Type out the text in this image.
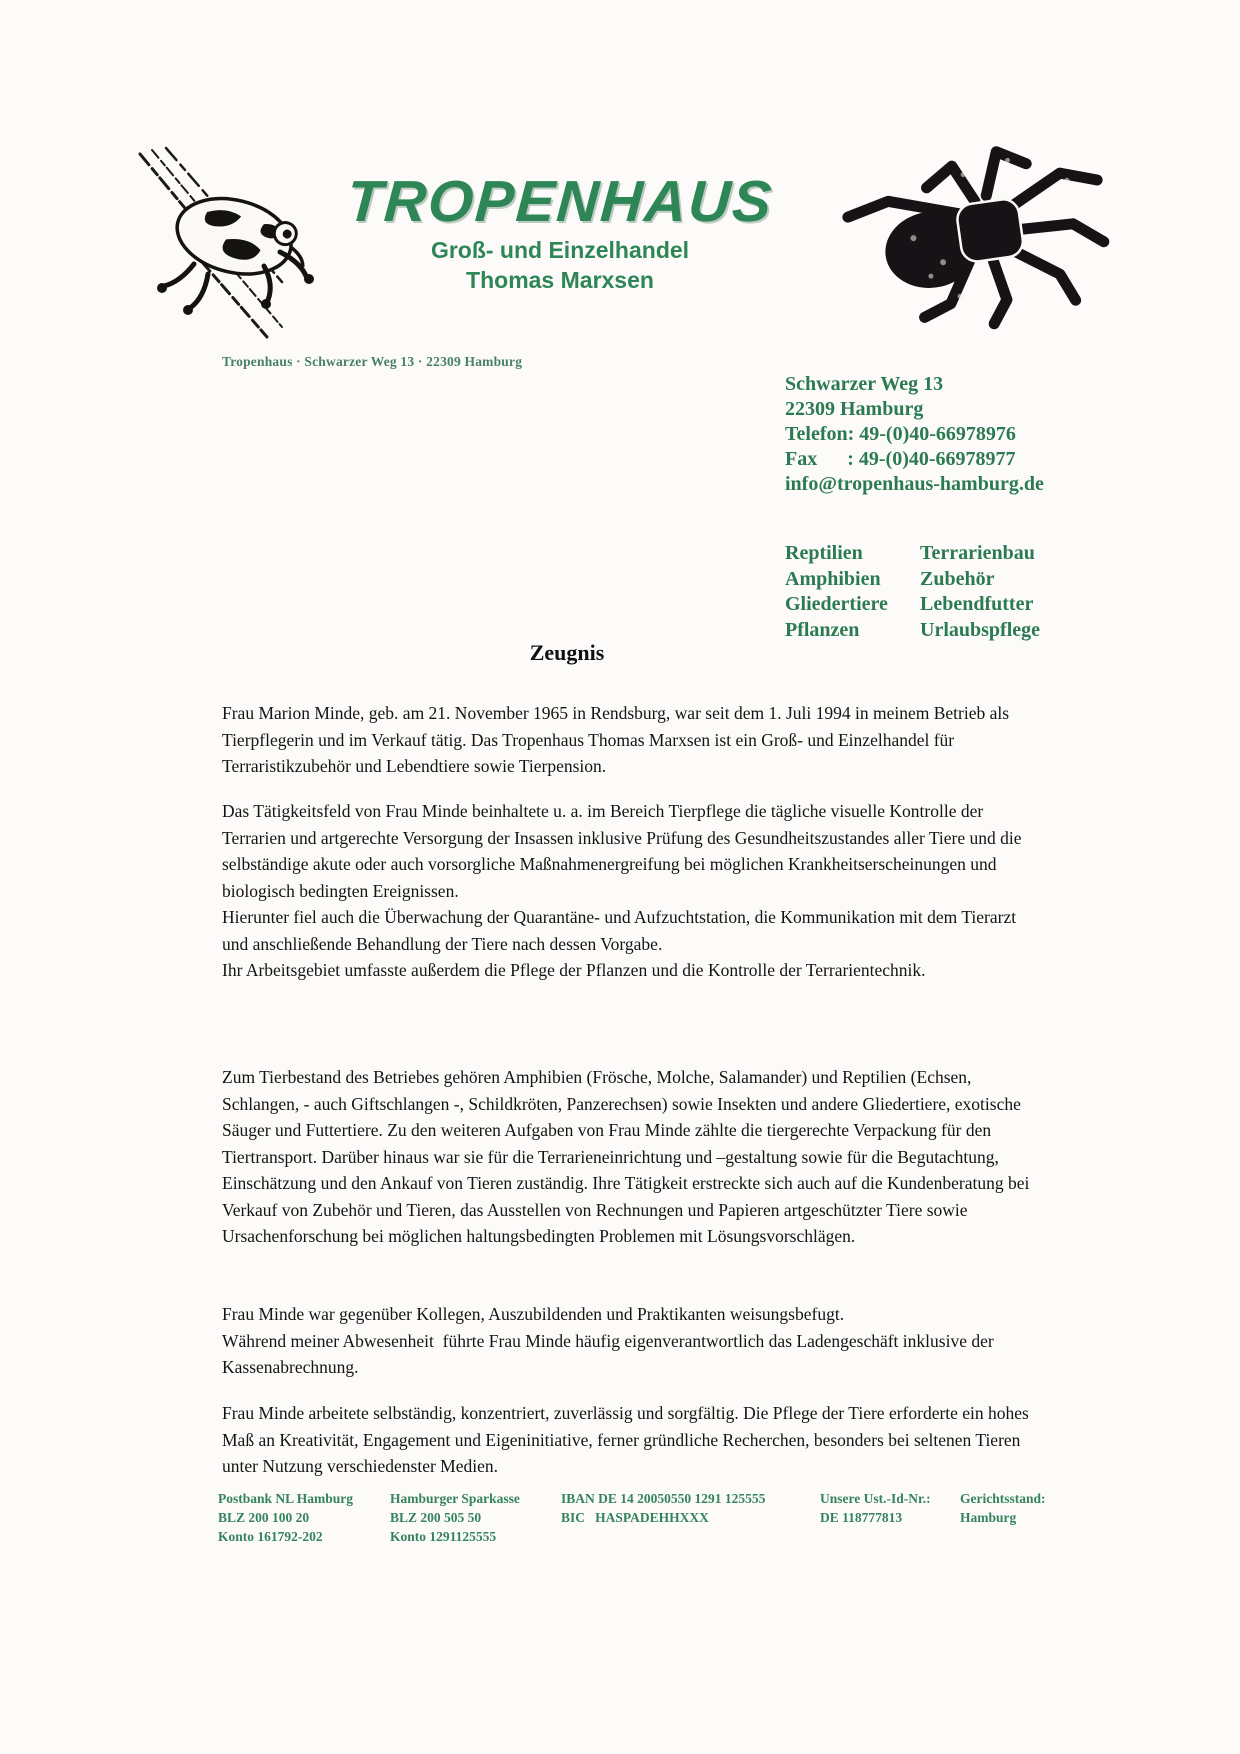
TROPENHAUS
Groß- und Einzelhandel
Thomas Marxsen
Tropenhaus · Schwarzer Weg 13 · 22309 Hamburg
Schwarzer Weg 13
22309 Hamburg
Telefon: 49-(0)40-66978976
Fax      : 49-(0)40-66978977
info@tropenhaus-hamburg.de
Reptilien	Terrarienbau
Amphibien	Zubehör
Gliedertiere	Lebendfutter
Pflanzen	Urlaubspflege
Zeugnis

Frau Marion Minde, geb. am 21. November 1965 in Rendsburg, war seit dem 1. Juli 1994 in meinem Betrieb als Tierpflegerin und im Verkauf tätig. Das Tropenhaus Thomas Marxsen ist ein Groß- und Einzelhandel für Terraristikzubehör und Lebendtiere sowie Tierpension.

Das Tätigkeitsfeld von Frau Minde beinhaltete u. a. im Bereich Tierpflege die tägliche visuelle Kontrolle der Terrarien und artgerechte Versorgung der Insassen inklusive Prüfung des Gesundheitszustandes aller Tiere und die selbständige akute oder auch vorsorgliche Maßnahmenergreifung bei möglichen Krankheitserscheinungen und biologisch bedingten Ereignissen.

Hierunter fiel auch die Überwachung der Quarantäne- und Aufzuchtstation, die Kommunikation mit dem Tierarzt und anschließende Behandlung der Tiere nach dessen Vorgabe.

Ihr Arbeitsgebiet umfasste außerdem die Pflege der Pflanzen und die Kontrolle der Terrarientechnik.

Zum Tierbestand des Betriebes gehören Amphibien (Frösche, Molche, Salamander) und Reptilien (Echsen, Schlangen, - auch Giftschlangen -, Schildkröten, Panzerechsen) sowie Insekten und andere Gliedertiere, exotische Säuger und Futtertiere. Zu den weiteren Aufgaben von Frau Minde zählte die tiergerechte Verpackung für den Tiertransport. Darüber hinaus war sie für die Terrarieneinrichtung und –gestaltung sowie für die Begutachtung, Einschätzung und den Ankauf von Tieren zuständig. Ihre Tätigkeit erstreckte sich auch auf die Kundenberatung bei Verkauf von Zubehör und Tieren, das Ausstellen von Rechnungen und Papieren artgeschützter Tiere sowie Ursachenforschung bei möglichen haltungsbedingten Problemen mit Lösungsvorschlägen.

Frau Minde war gegenüber Kollegen, Auszubildenden und Praktikanten weisungsbefugt.

Während meiner Abwesenheit  führte Frau Minde häufig eigenverantwortlich das Ladengeschäft inklusive der Kassenabrechnung.

Frau Minde arbeitete selbständig, konzentriert, zuverlässig und sorgfältig. Die Pflege der Tiere erforderte ein hohes Maß an Kreativität, Engagement und Eigeninitiative, ferner gründliche Recherchen, besonders bei seltenen Tieren unter Nutzung verschiedenster Medien.

Postbank NL Hamburg
BLZ 200 100 20
Konto 161792-202
Hamburger Sparkasse
BLZ 200 505 50
Konto 1291125555
IBAN DE 14 20050550 1291 125555
BIC   HASPADEHHXXX
Unsere Ust.-Id-Nr.:
DE 118777813
Gerichtsstand:
Hamburg
